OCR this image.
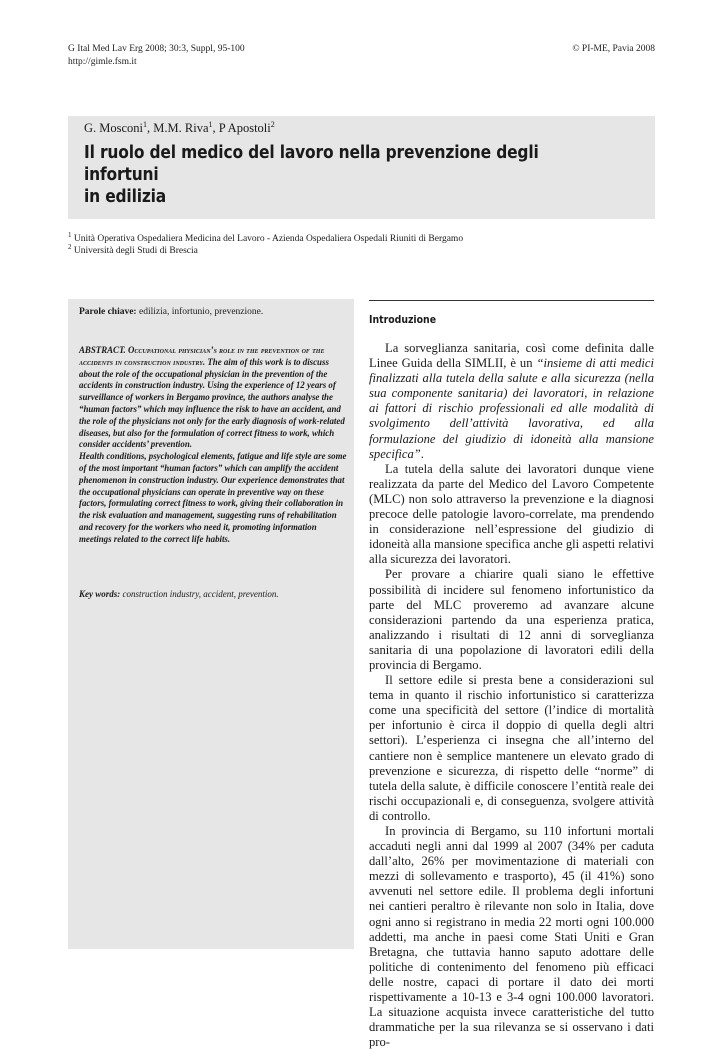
G Ital Med Lav Erg 2008; 30:3, Suppl, 95-100
http://gimle.fsm.it
© PI-ME, Pavia 2008
G. Mosconi$^1$, M.M. Riva$^1$, P Apostoli$^2$
Il ruolo del medico del lavoro nella prevenzione degli infortuni
in edilizia
$^1$ Unità Operativa Ospedaliera Medicina del Lavoro - Azienda Ospedaliera Ospedali Riuniti di Bergamo
$^2$ Università degli Studi di Brescia
Parole chiave: edilizia, infortunio, prevenzione.
ABSTRACT. Occupational physician’s role in the prevention of the accidents in construction industry. The aim of this work is to discuss about the role of the occupational physician in the prevention of the accidents in construction industry. Using the experience of 12 years of surveillance of workers in Bergamo province, the authors analyse the “human factors” which may influence the risk to have an accident, and the role of the physicians not only for the early diagnosis of work-related diseases, but also for the formulation of correct fitness to work, which consider accidents’ prevention.
Health conditions, psychological elements, fatigue and life style are some of the most important “human factors” which can amplify the accident phenomenon in construction industry. Our experience demonstrates that the occupational physicians can operate in preventive way on these factors, formulating correct fitness to work, giving their collaboration in the risk evaluation and management, suggesting runs of rehabilitation and recovery for the workers who need it, promoting information meetings related to the correct life habits.
Key words: construction industry, accident, prevention.
Introduzione

La sorveglianza sanitaria, così come definita dalle Linee Guida della SIMLII, è un “insieme di atti medici finalizzati alla tutela della salute e alla sicurezza (nella sua componente sanitaria) dei lavoratori, in relazione ai fattori di rischio professionali ed alle modalità di svolgimento dell’attività lavorativa, ed alla formulazione del giudizio di idoneità alla mansione specifica”.

La tutela della salute dei lavoratori dunque viene realizzata da parte del Medico del Lavoro Competente (MLC) non solo attraverso la prevenzione e la diagnosi precoce delle patologie lavoro-correlate, ma prendendo in considerazione nell’espressione del giudizio di idoneità alla mansione specifica anche gli aspetti relativi alla sicurezza dei lavoratori.

Per provare a chiarire quali siano le effettive possibilità di incidere sul fenomeno infortunistico da parte del MLC proveremo ad avanzare alcune considerazioni partendo da una esperienza pratica, analizzando i risultati di 12 anni di sorveglianza sanitaria di una popolazione di lavoratori edili della provincia di Bergamo.

Il settore edile si presta bene a considerazioni sul tema in quanto il rischio infortunistico si caratterizza come una specificità del settore (l’indice di mortalità per infortunio è circa il doppio di quella degli altri settori). L’esperienza ci insegna che all’interno del cantiere non è semplice mantenere un elevato grado di prevenzione e sicurezza, di rispetto delle “norme” di tutela della salute, è difficile conoscere l’entità reale dei rischi occupazionali e, di conseguenza, svolgere attività di controllo.

In provincia di Bergamo, su 110 infortuni mortali accaduti negli anni dal 1999 al 2007 (34% per caduta dall’alto, 26% per movimentazione di materiali con mezzi di sollevamento e trasporto), 45 (il 41%) sono avvenuti nel settore edile. Il problema degli infortuni nei cantieri peraltro è rilevante non solo in Italia, dove ogni anno si registrano in media 22 morti ogni 100.000 addetti, ma anche in paesi come Stati Uniti e Gran Bretagna, che tuttavia hanno saputo adottare delle politiche di contenimento del fenomeno più efficaci delle nostre, capaci di portare il dato dei morti rispettivamente a 10-13 e 3-4 ogni 100.000 lavoratori. La situazione acquista invece caratteristiche del tutto drammatiche per la sua rilevanza se si osservano i dati pro-
